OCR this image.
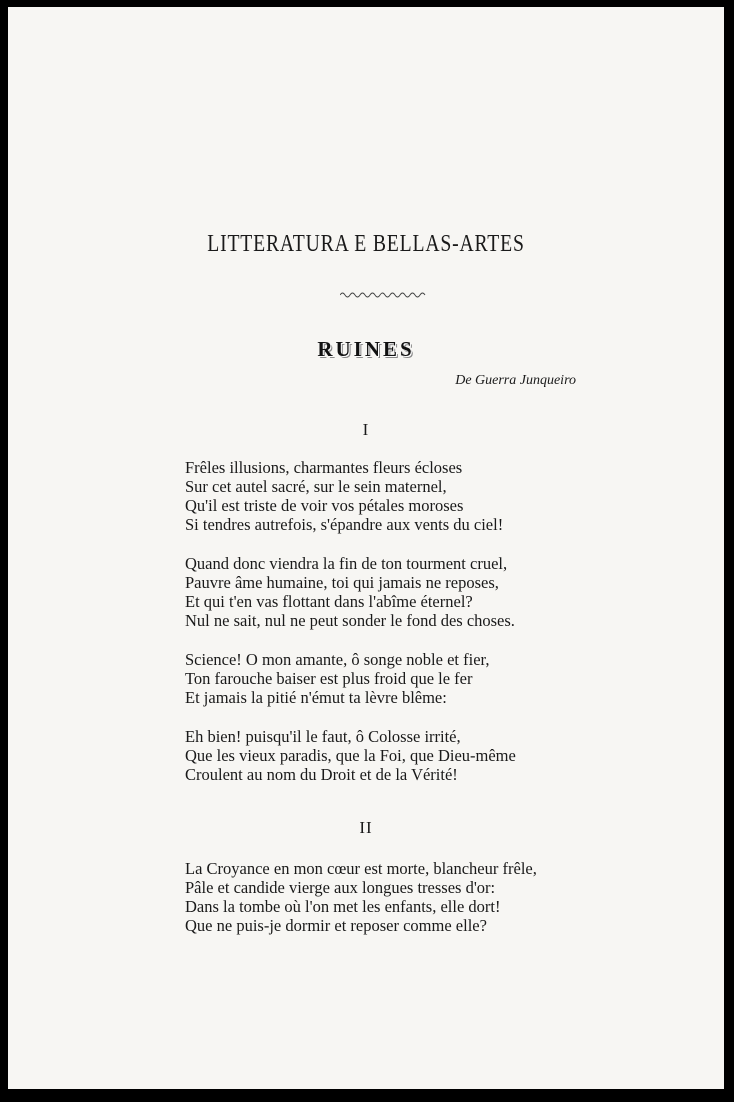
LITTERATURA E BELLAS-ARTES
RUINES
De Guerra Junqueiro
I
Frêles illusions, charmantes fleurs écloses
Sur cet autel sacré, sur le sein maternel,
Qu'il est triste de voir vos pétales moroses
Si tendres autrefois, s'épandre aux vents du ciel!
Quand donc viendra la fin de ton tourment cruel,
Pauvre âme humaine, toi qui jamais ne reposes,
Et qui t'en vas flottant dans l'abîme éternel?
Nul ne sait, nul ne peut sonder le fond des choses.
Science! O mon amante, ô songe noble et fier,
Ton farouche baiser est plus froid que le fer
Et jamais la pitié n'émut ta lèvre blême:
Eh bien! puisqu'il le faut, ô Colosse irrité,
Que les vieux paradis, que la Foi, que Dieu-même
Croulent au nom du Droit et de la Vérité!
II
La Croyance en mon cœur est morte, blancheur frêle,
Pâle et candide vierge aux longues tresses d'or:
Dans la tombe où l'on met les enfants, elle dort!
Que ne puis-je dormir et reposer comme elle?
